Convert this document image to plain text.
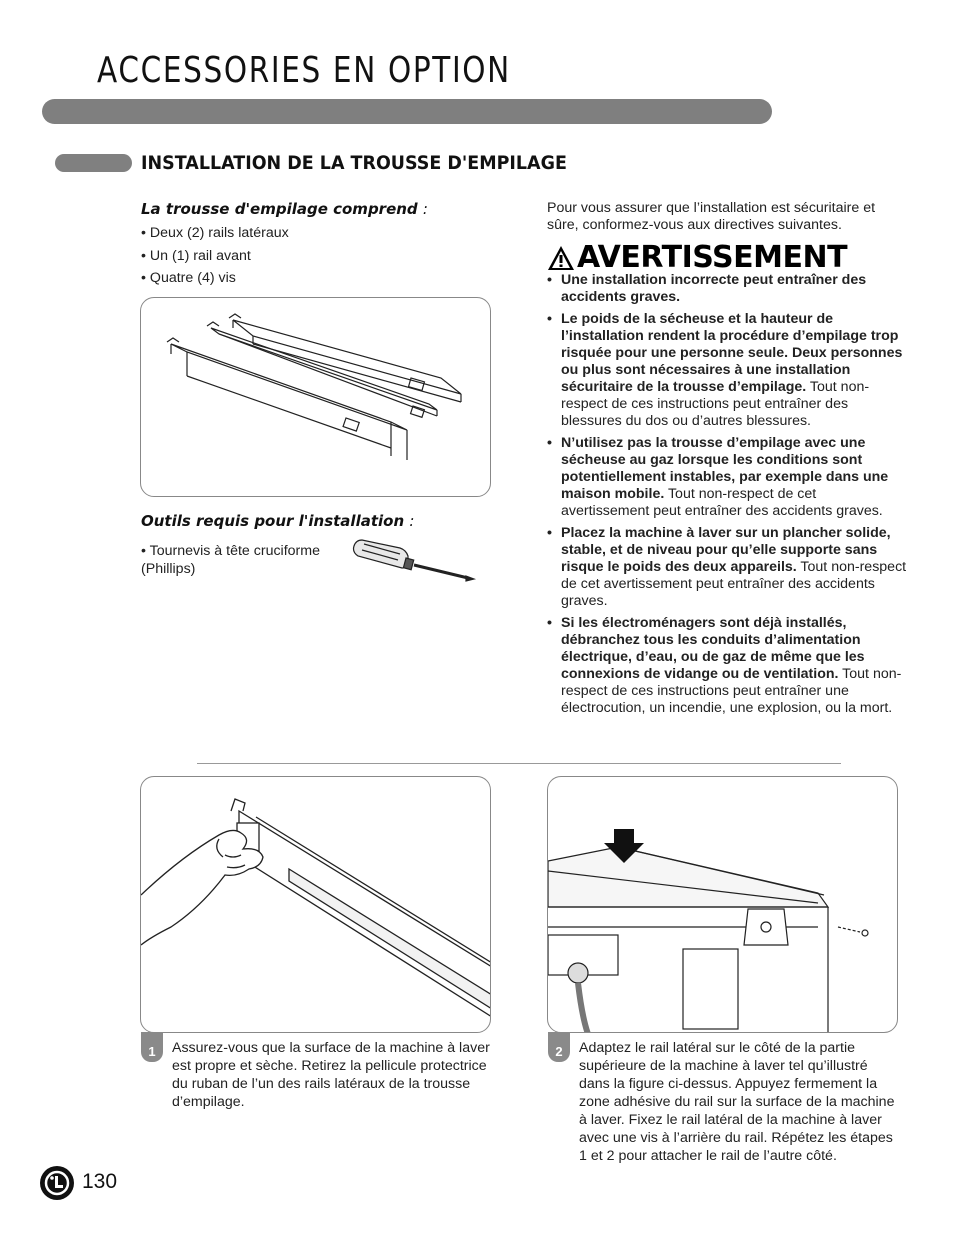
ACCESSORIES EN OPTION
INSTALLATION DE LA TROUSSE D'EMPILAGE
La trousse d'empilage comprend :
• Deux (2) rails latéraux
• Un (1) rail avant
• Quatre (4) vis
Outils requis pour l'installation :
• Tournevis à tête cruciforme (Phillips)
Pour vous assurer que l’installation est sécuritaire et sûre, conformez-vous aux directives suivantes.
AVERTISSEMENT
• Une installation incorrecte peut entraîner des accidents graves.
• Le poids de la sécheuse et la hauteur de l’installation rendent la procédure d’empilage trop risquée pour une personne seule. Deux personnes ou plus sont nécessaires à une installation sécuritaire de la trousse d’empilage. Tout non-respect de ces instructions peut entraîner des blessures du dos ou d’autres blessures.
• N’utilisez pas la trousse d’empilage avec une sécheuse au gaz lorsque les conditions sont potentiellement instables, par exemple dans une maison mobile. Tout non-respect de cet avertissement peut entraîner des accidents graves.
• Placez la machine à laver sur un plancher solide, stable, et de niveau pour qu’elle supporte sans risque le poids des deux appareils. Tout non-respect de cet avertissement peut entraîner des accidents graves.
• Si les électroménagers sont déjà installés, débranchez tous les conduits d’alimentation électrique, d’eau, ou de gaz de même que les connexions de vidange ou de ventilation. Tout non-respect de ces instructions peut entraîner une électrocution, un incendie, une explosion, ou la mort.
1	Assurez-vous que la surface de la machine à laver est propre et sèche. Retirez la pellicule protectrice du ruban de l’un des rails latéraux de la trousse d’empilage.
2	Adaptez le rail latéral sur le côté de la partie supérieure de la machine à laver tel qu’illustré dans la figure ci-dessus. Appuyez fermement la zone adhésive du rail sur la surface de la machine à laver. Fixez le rail latéral de la machine à laver avec une vis à l’arrière du rail. Répétez les étapes 1 et 2 pour attacher le rail de l’autre côté.
130
